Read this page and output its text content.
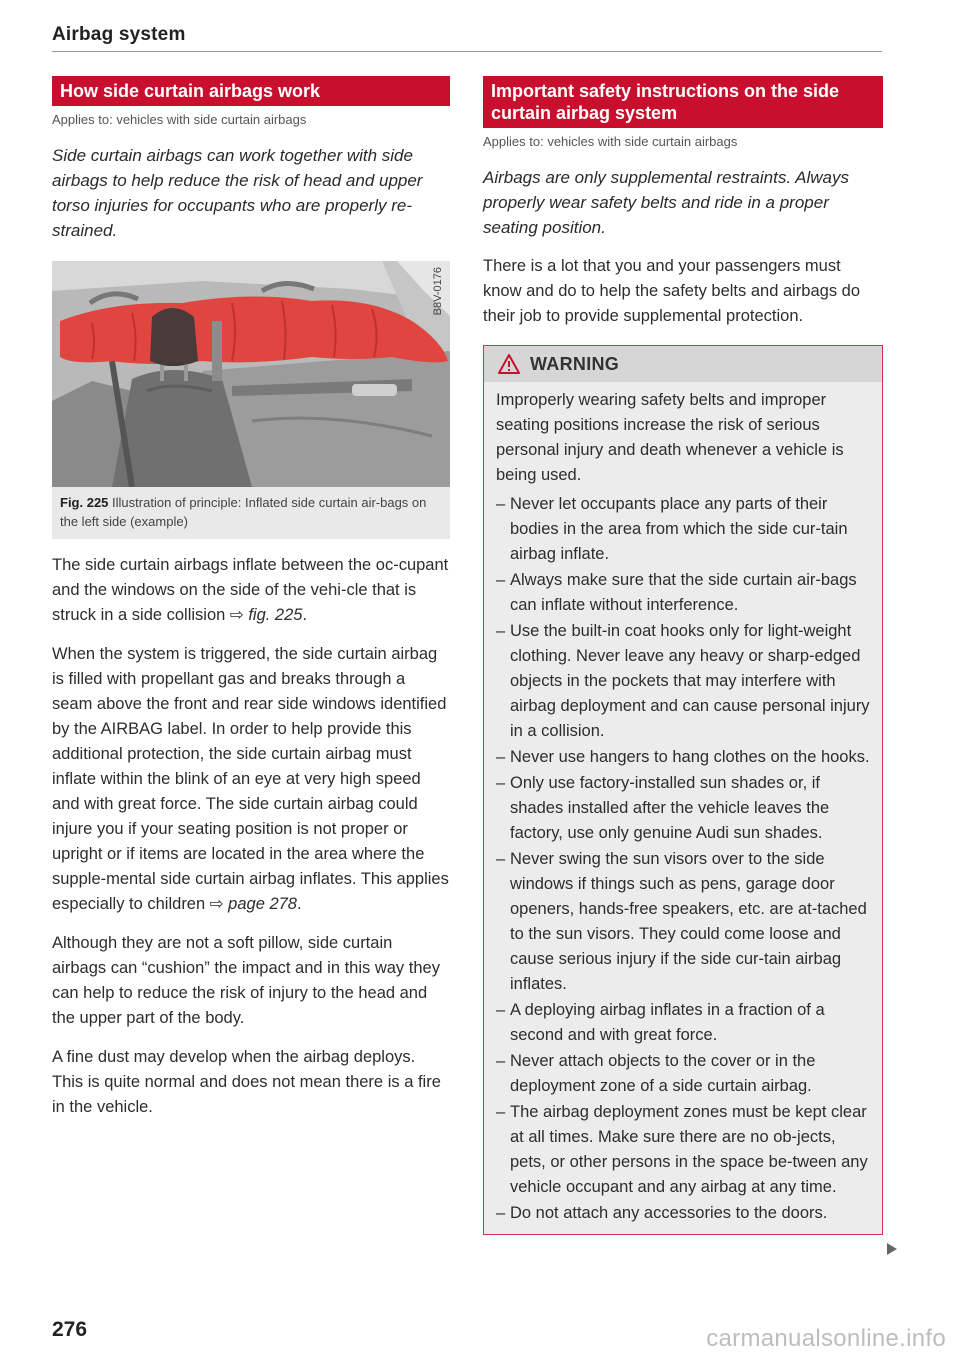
Airbag system
How side curtain airbags work
Applies to: vehicles with side curtain airbags

Side curtain airbags can work together with side airbags to help reduce the risk of head and upper torso injuries for occupants who are properly re-strained.

B8V-0176
Fig. 225 Illustration of principle: Inflated side curtain air-bags on the left side (example)

The side curtain airbags inflate between the oc-cupant and the windows on the side of the vehi-cle that is struck in a side collision ⇨ fig. 225.

When the system is triggered, the side curtain airbag is filled with propellant gas and breaks through a seam above the front and rear side windows identified by the AIRBAG label. In order to help provide this additional protection, the side curtain airbag must inflate within the blink of an eye at very high speed and with great force. The side curtain airbag could injure you if your seating position is not proper or upright or if items are located in the area where the supple-mental side curtain airbag inflates. This applies especially to children ⇨ page 278.

Although they are not a soft pillow, side curtain airbags can “cushion” the impact and in this way they can help to reduce the risk of injury to the head and the upper part of the body.

A fine dust may develop when the airbag deploys. This is quite normal and does not mean there is a fire in the vehicle.

Important safety instructions on the side curtain airbag system
Applies to: vehicles with side curtain airbags

Airbags are only supplemental restraints. Always properly wear safety belts and ride in a proper seating position.

There is a lot that you and your passengers must know and do to help the safety belts and airbags do their job to provide supplemental protection.

WARNING
Improperly wearing safety belts and improper seating positions increase the risk of serious personal injury and death whenever a vehicle is being used.
– Never let occupants place any parts of their bodies in the area from which the side cur-tain airbag inflate.
– Always make sure that the side curtain air-bags can inflate without interference.
– Use the built-in coat hooks only for light-weight clothing. Never leave any heavy or sharp-edged objects in the pockets that may interfere with airbag deployment and can cause personal injury in a collision.
– Never use hangers to hang clothes on the hooks.
– Only use factory-installed sun shades or, if shades installed after the vehicle leaves the factory, use only genuine Audi sun shades.
– Never swing the sun visors over to the side windows if things such as pens, garage door openers, hands-free speakers, etc. are at-tached to the sun visors. They could come loose and cause serious injury if the side cur-tain airbag inflates.
– A deploying airbag inflates in a fraction of a second and with great force.
– Never attach objects to the cover or in the deployment zone of a side curtain airbag.
– The airbag deployment zones must be kept clear at all times. Make sure there are no ob-jects, pets, or other persons in the space be-tween any vehicle occupant and any airbag at any time.
– Do not attach any accessories to the doors.
276	carmanualsonline.info
